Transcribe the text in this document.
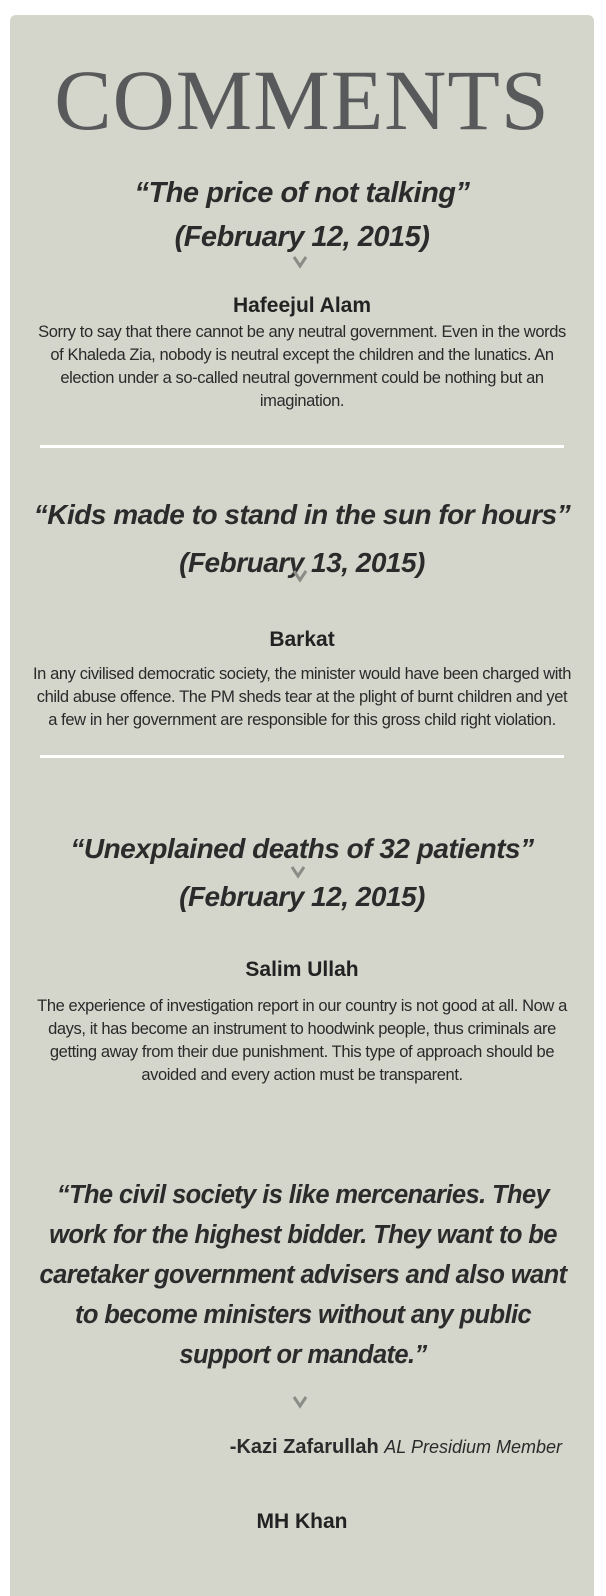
COMMENTS
“The price of not talking”
(February 12, 2015)
Hafeejul Alam
Sorry to say that there cannot be any neutral government. Even in the words of Khaleda Zia, nobody is neutral except the children and the lunatics. An election under a so-called neutral government could be nothing but an imagination.
“Kids made to stand in the sun for hours”
(February 13, 2015)
Barkat
In any civilised democratic society, the minister would have been charged with child abuse offence. The PM sheds tear at the plight of burnt children and yet a few in her government are responsible for this gross child right violation.
“Unexplained deaths of 32 patients”
(February 12, 2015)
Salim Ullah
The experience of investigation report in our country is not good at all. Now a days, it has become an instrument to hoodwink people, thus criminals are getting away from their due punishment. This type of approach should be avoided and every action must be transparent.
“The civil society is like mercenaries. They work for the highest bidder. They want to be caretaker government advisers and also want to become ministers without any public support or mandate.”
-Kazi Zafarullah AL Presidium Member
MH Khan
